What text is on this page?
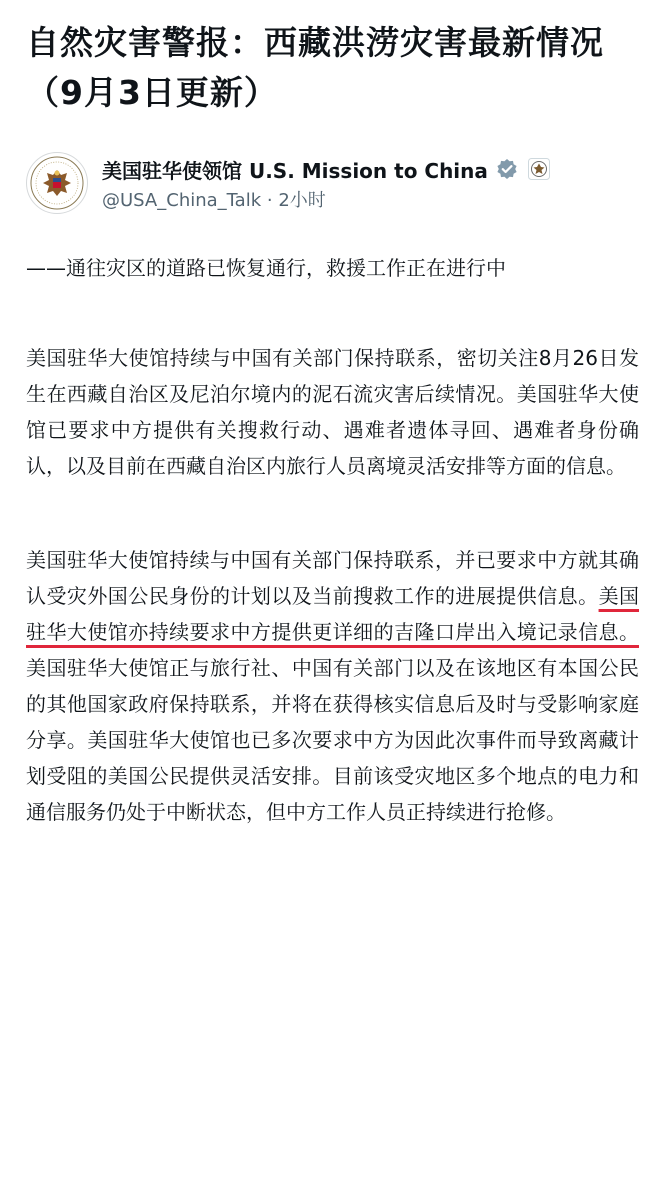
自然灾害警报：西藏洪涝灾害最新情况（9月3日更新）
美国驻华使领馆 U.S. Mission to China
@USA_China_Talk · 2小时

——通往灾区的道路已恢复通行，救援工作正在进行中

美国驻华大使馆持续与中国有关部门保持联系，密切关注8月26日发生在西藏自治区及尼泊尔境内的泥石流灾害后续情况。美国驻华大使馆已要求中方提供有关搜救行动、遇难者遗体寻回、遇难者身份确认，以及目前在西藏自治区内旅行人员离境灵活安排等方面的信息。

美国驻华大使馆持续与中国有关部门保持联系，并已要求中方就其确认受灾外国公民身份的计划以及当前搜救工作的进展提供信息。美国驻华大使馆亦持续要求中方提供更详细的吉隆口岸出入境记录信息。美国驻华大使馆正与旅行社、中国有关部门以及在该地区有本国公民的其他国家政府保持联系，并将在获得核实信息后及时与受影响家庭分享。美国驻华大使馆也已多次要求中方为因此次事件而导致离藏计划受阻的美国公民提供灵活安排。目前该受灾地区多个地点的电力和通信服务仍处于中断状态，但中方工作人员正持续进行抢修。
